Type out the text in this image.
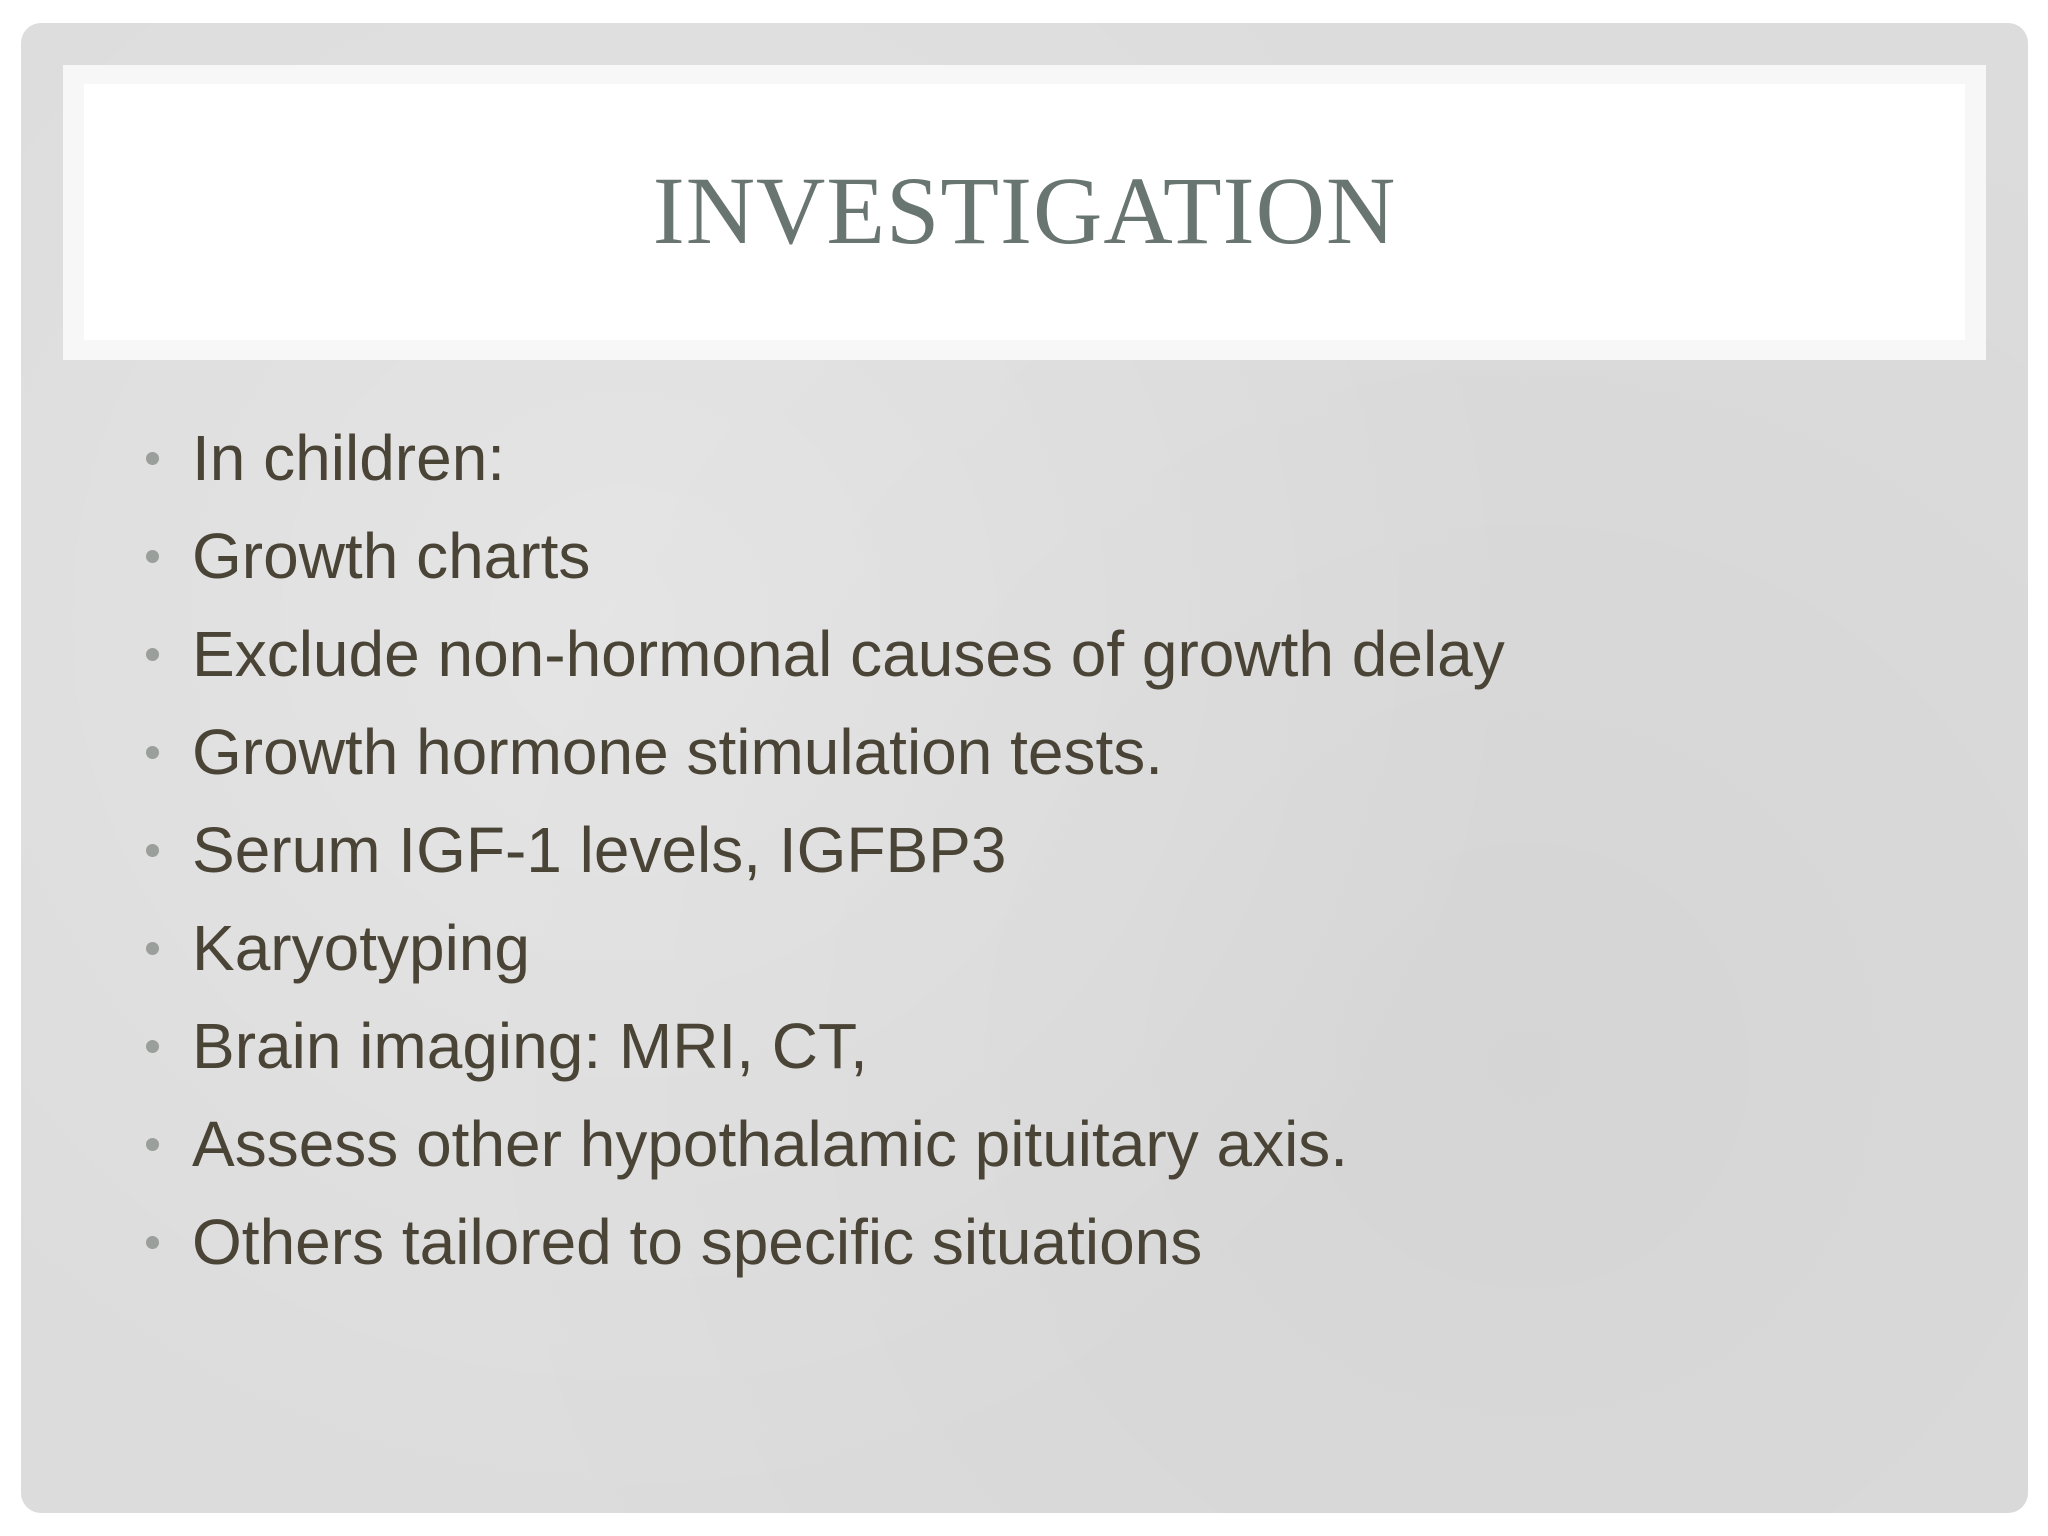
INVESTIGATION
In children:
Growth charts
Exclude non-hormonal causes of growth delay
Growth hormone stimulation tests.
Serum IGF-1 levels, IGFBP3
Karyotyping
Brain imaging: MRI, CT,
Assess other hypothalamic pituitary axis.
Others tailored to specific situations
